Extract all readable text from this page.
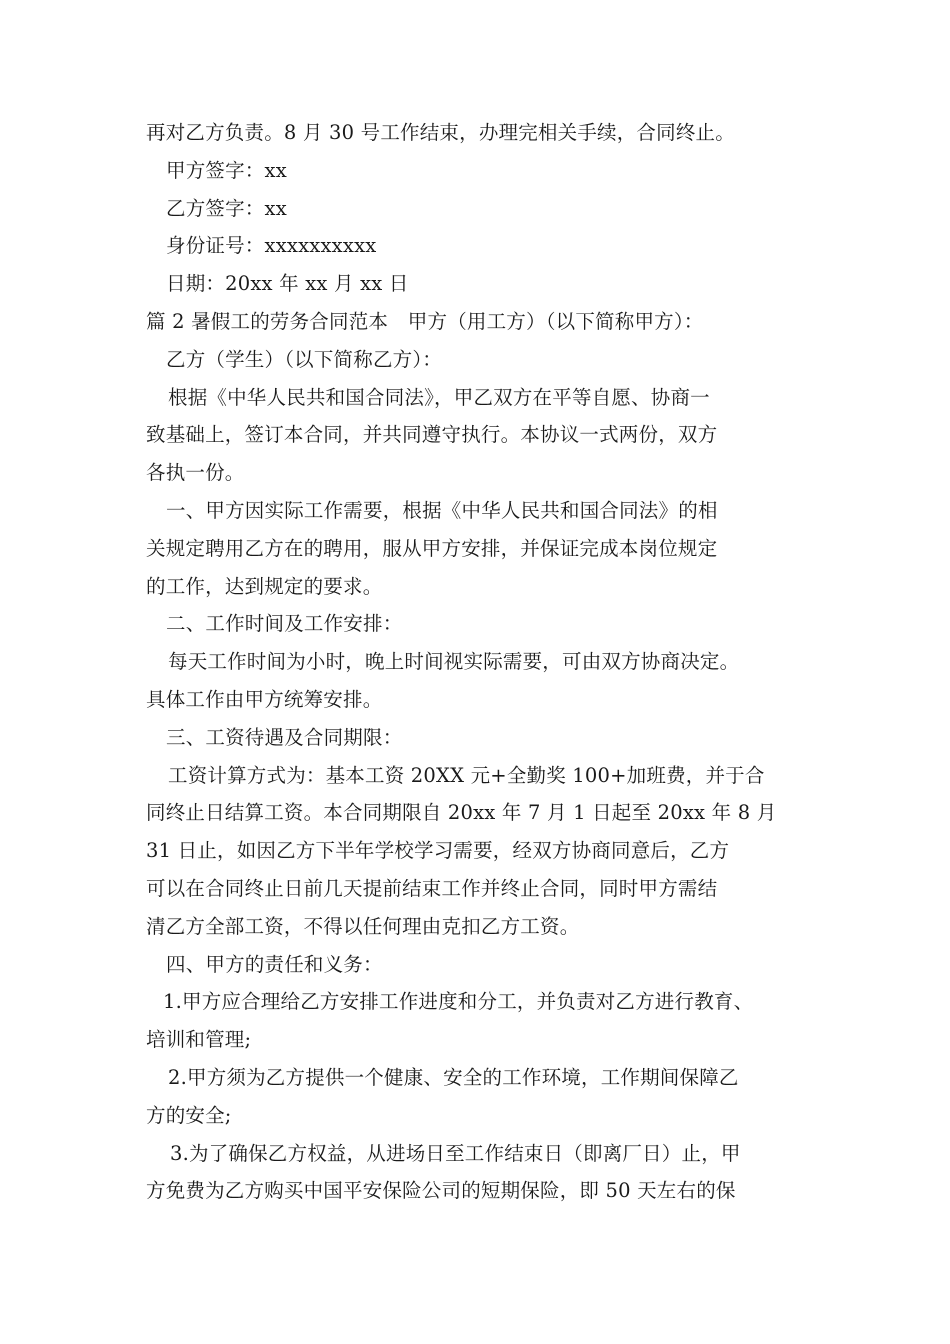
再对乙方负责。8 月 30 号工作结束，办理完相关手续，合同终止。
甲方签字：xx
乙方签字：xx
身份证号：xxxxxxxxxx
日期：20xx 年 xx 月 xx 日
篇 2 暑假工的劳务合同范本　甲方（用工方）（以下简称甲方）：
乙方（学生）（以下简称乙方）：
根据《中华人民共和国合同法》，甲乙双方在平等自愿、协商一
致基础上，签订本合同，并共同遵守执行。本协议一式两份，双方
各执一份。
一、甲方因实际工作需要，根据《中华人民共和国合同法》的相
关规定聘用乙方在的聘用，服从甲方安排，并保证完成本岗位规定
的工作，达到规定的要求。
二、工作时间及工作安排：
每天工作时间为小时，晚上时间视实际需要，可由双方协商决定。
具体工作由甲方统筹安排。
三、工资待遇及合同期限：
工资计算方式为：基本工资 20XX 元+全勤奖 100+加班费，并于合
同终止日结算工资。本合同期限自 20xx 年 7 月 1 日起至 20xx 年 8 月
31 日止，如因乙方下半年学校学习需要，经双方协商同意后，乙方
可以在合同终止日前几天提前结束工作并终止合同，同时甲方需结
清乙方全部工资，不得以任何理由克扣乙方工资。
四、甲方的责任和义务：
1.甲方应合理给乙方安排工作进度和分工，并负责对乙方进行教育、
培训和管理;
2.甲方须为乙方提供一个健康、安全的工作环境，工作期间保障乙
方的安全;
3.为了确保乙方权益，从进场日至工作结束日（即离厂日）止，甲
方免费为乙方购买中国平安保险公司的短期保险，即 50 天左右的保
